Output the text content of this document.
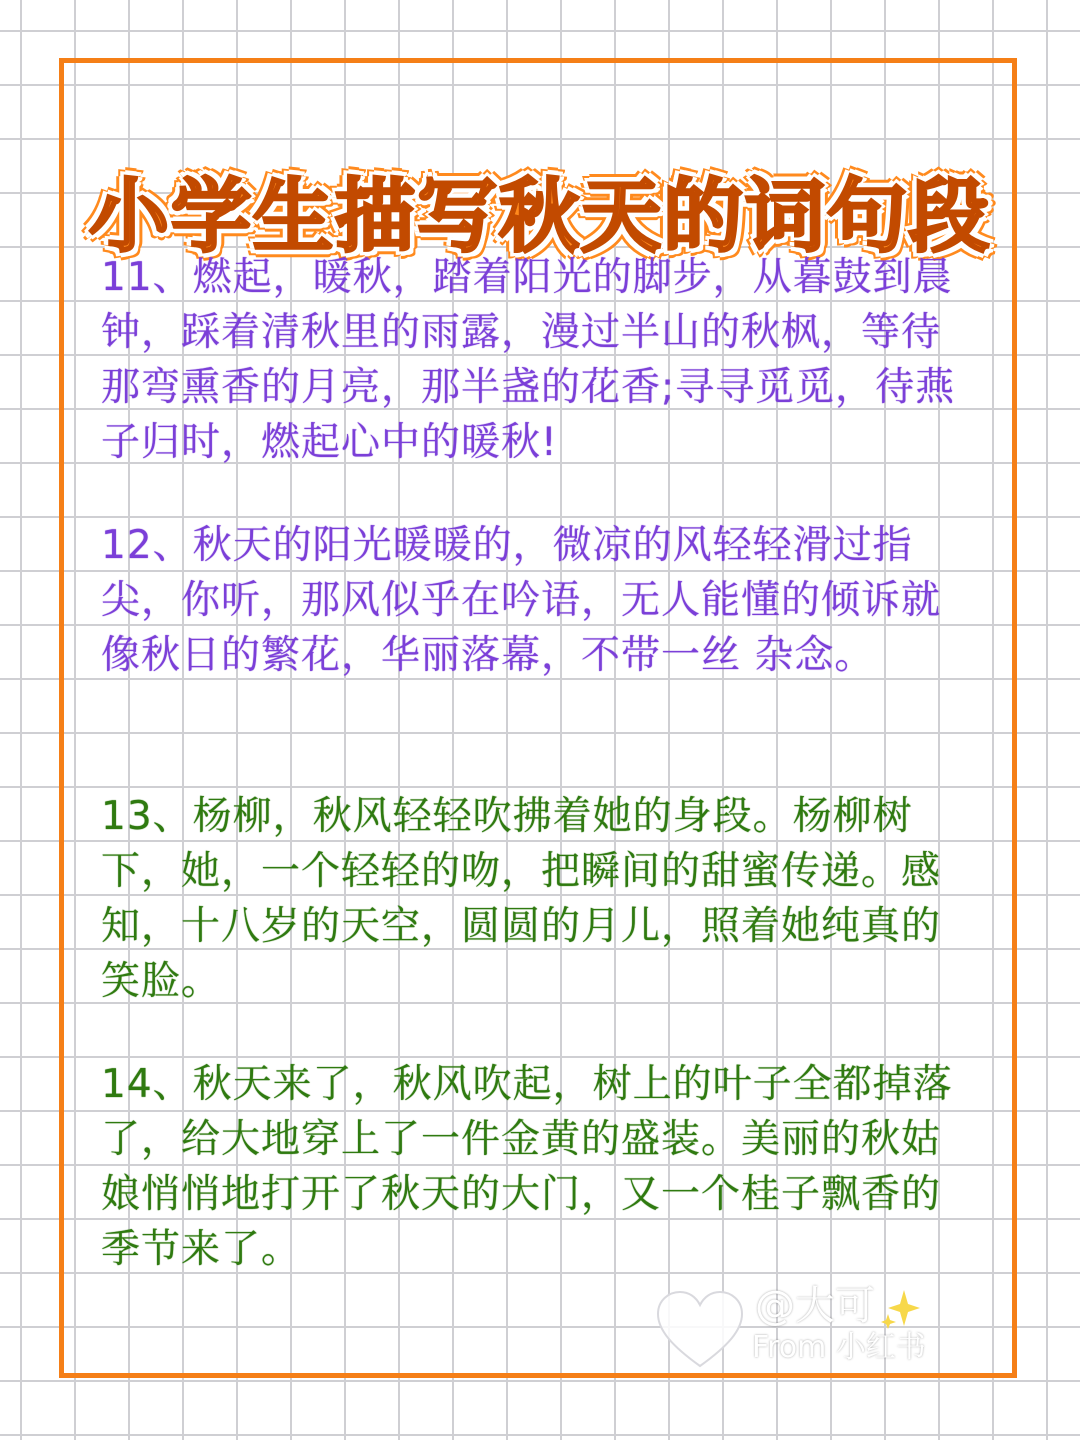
小学生描写秋天的词句段

11、燃起，暖秋，踏着阳光的脚步，从暮鼓到晨钟，踩着清秋里的雨露，漫过半山的秋枫，等待那弯熏香的月亮，那半盏的花香;寻寻觅觅，待燕子归时，燃起心中的暖秋!

12、秋天的阳光暖暖的，微凉的风轻轻滑过指尖，你听，那风似乎在吟语，无人能懂的倾诉就像秋日的繁花，华丽落幕，不带一丝 杂念。

13、杨柳，秋风轻轻吹拂着她的身段。杨柳树下，她，一个轻轻的吻，把瞬间的甜蜜传递。感知，十八岁的天空，圆圆的月儿，照着她纯真的笑脸。

14、秋天来了，秋风吹起，树上的叶子全都掉落了，给大地穿上了一件金黄的盛装。美丽的秋姑娘悄悄地打开了秋天的大门，又一个桂子飘香的季节来了。

@大可
From 小红书
